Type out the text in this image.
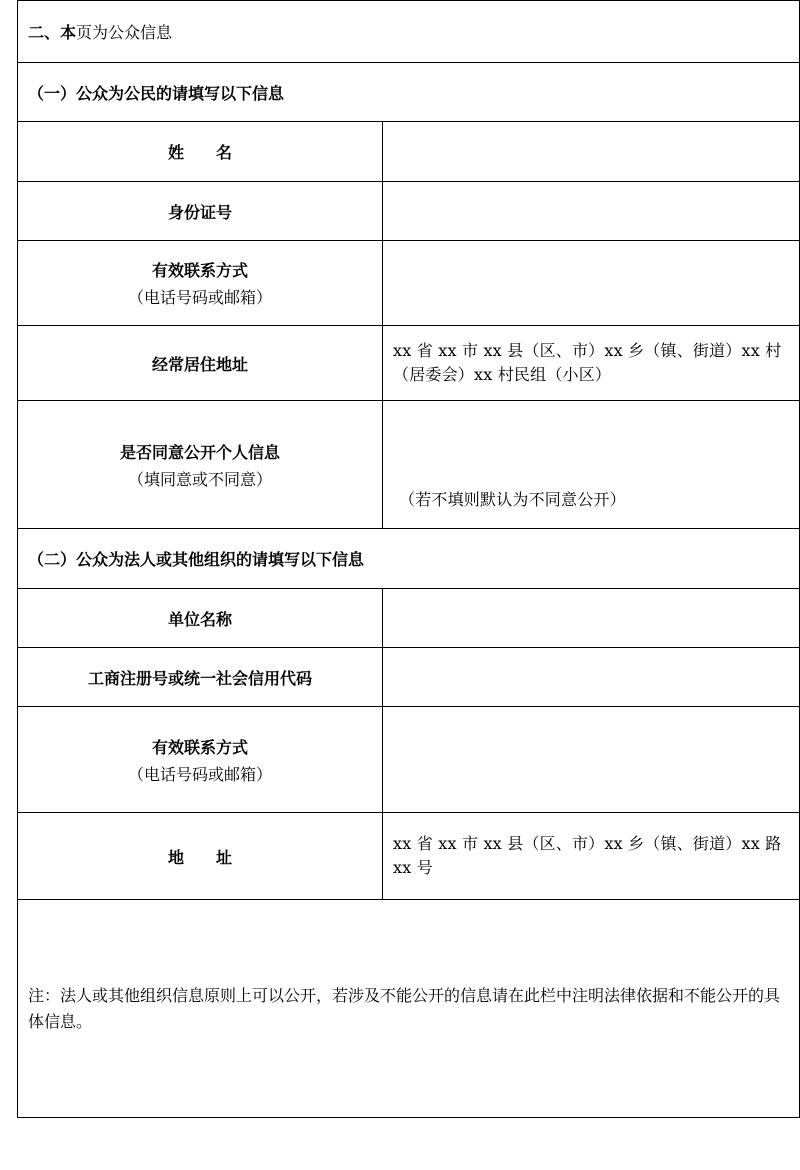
二、本页为公众信息	
（一）公众为公民的请填写以下信息	
姓　　名	
身份证号	
有效联系方式
（电话号码或邮箱）	

经常居住地址	xx 省 xx 市 xx 县（区、市）xx 乡（镇、街道）xx 村（居委会）xx 村民组（小区）
是否同意公开个人信息
（填同意或不同意）	（若不填则默认为不同意公开）
（二）公众为法人或其他组织的请填写以下信息	
单位名称	
工商注册号或统一社会信用代码	
有效联系方式
（电话号码或邮箱）	

地　　址	xx 省 xx 市 xx 县（区、市）xx 乡（镇、街道）xx 路 xx 号
注：法人或其他组织信息原则上可以公开，若涉及不能公开的信息请在此栏中注明法律依据和不能公开的具体信息。	
